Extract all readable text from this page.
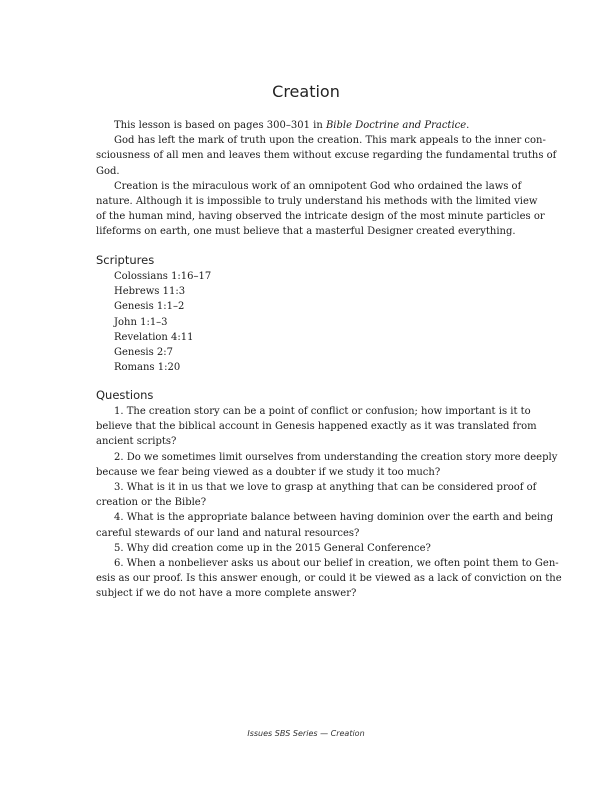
Creation
This lesson is based on pages 300–301 in Bible Doctrine and Practice.
God has left the mark of truth upon the creation. This mark appeals to the inner con-
sciousness of all men and leaves them without excuse regarding the fundamental truths of
God.
Creation is the miraculous work of an omnipotent God who ordained the laws of
nature. Although it is impossible to truly understand his methods with the limited view
of the human mind, having observed the intricate design of the most minute particles or
lifeforms on earth, one must believe that a masterful Designer created everything.
Scriptures
Colossians 1:16–17
Hebrews 11:3
Genesis 1:1–2
John 1:1–3
Revelation 4:11
Genesis 2:7
Romans 1:20
Questions
1. The creation story can be a point of conflict or confusion; how important is it to
believe that the biblical account in Genesis happened exactly as it was translated from
ancient scripts?
2. Do we sometimes limit ourselves from understanding the creation story more deeply
because we fear being viewed as a doubter if we study it too much?
3. What is it in us that we love to grasp at anything that can be considered proof of
creation or the Bible?
4. What is the appropriate balance between having dominion over the earth and being
careful stewards of our land and natural resources?
5. Why did creation come up in the 2015 General Conference?
6. When a nonbeliever asks us about our belief in creation, we often point them to Gen-
esis as our proof. Is this answer enough, or could it be viewed as a lack of conviction on the
subject if we do not have a more complete answer?
Issues SBS Series — Creation
